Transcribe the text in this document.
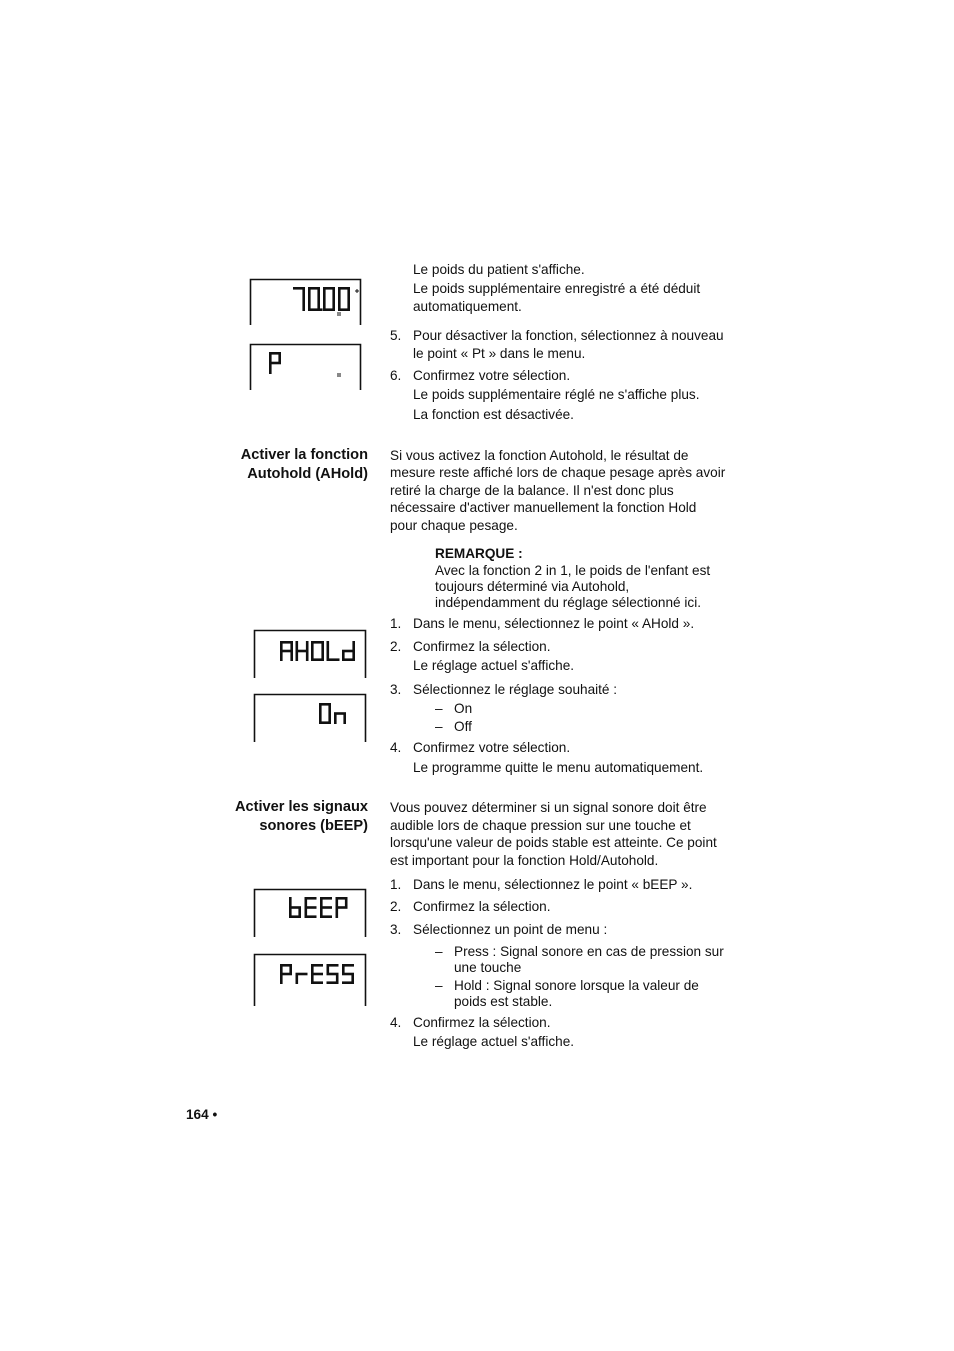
Le poids du patient s'affiche.
Le poids supplémentaire enregistré a été déduit
automatiquement.
5. Pour désactiver la fonction, sélectionnez à nouveau
le point « Pt » dans le menu.
6. Confirmez votre sélection.
Le poids supplémentaire réglé ne s'affiche plus.
La fonction est désactivée.
Activer la fonction
Autohold (AHold)
Si vous activez la fonction Autohold, le résultat de
mesure reste affiché lors de chaque pesage après avoir
retiré la charge de la balance. Il n'est donc plus
nécessaire d'activer manuellement la fonction Hold
pour chaque pesage.
REMARQUE :
Avec la fonction 2 in 1, le poids de l'enfant est
toujours déterminé via Autohold,
indépendamment du réglage sélectionné ici.
1. Dans le menu, sélectionnez le point « AHold ».
2. Confirmez la sélection.
Le réglage actuel s'affiche.
3. Sélectionnez le réglage souhaité :
– On
– Off
4. Confirmez votre sélection.
Le programme quitte le menu automatiquement.
Activer les signaux
sonores (bEEP)
Vous pouvez déterminer si un signal sonore doit être
audible lors de chaque pression sur une touche et
lorsqu'une valeur de poids stable est atteinte. Ce point
est important pour la fonction Hold/Autohold.
1. Dans le menu, sélectionnez le point « bEEP ».
2. Confirmez la sélection.
3. Sélectionnez un point de menu :
– Press : Signal sonore en cas de pression sur
une touche
– Hold : Signal sonore lorsque la valeur de
poids est stable.
4. Confirmez la sélection.
Le réglage actuel s'affiche.
164 •
